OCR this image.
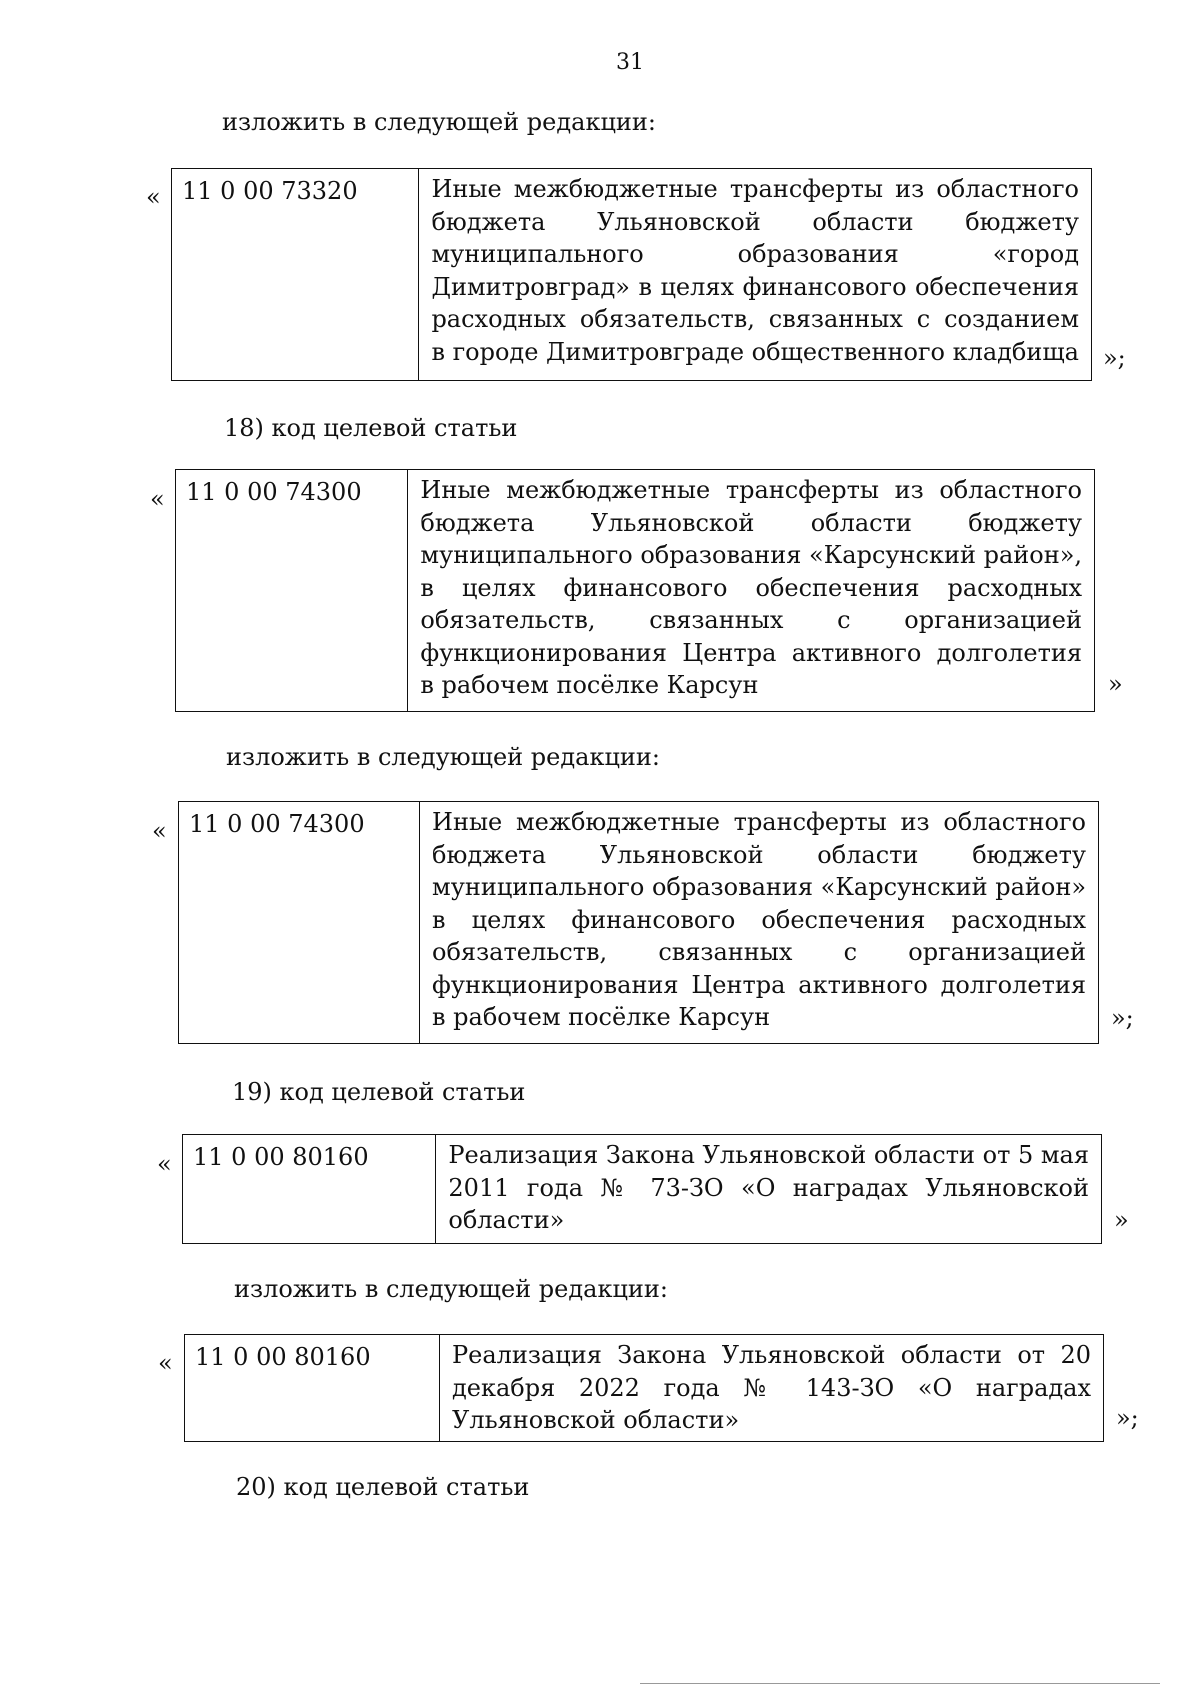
31
изложить в следующей редакции:
« 11 0 00 73320	Иные межбюджетные трансферты из областного
бюджета Ульяновской области бюджету
муниципального образования «город
Димитровград» в целях финансового обеспечения
расходных обязательств, связанных с созданием
в городе Димитровграде общественного кладбища »;
18) код целевой статьи
« 11 0 00 74300	Иные межбюджетные трансферты из областного
бюджета Ульяновской области бюджету
муниципального образования «Карсунский район»,
в целях финансового обеспечения расходных
обязательств, связанных с организацией
функционирования Центра активного долголетия
в рабочем посёлке Карсун	»
изложить в следующей редакции:
« 11 0 00 74300	Иные межбюджетные трансферты из областного
бюджета Ульяновской области бюджету
муниципального образования «Карсунский район»
в целях финансового обеспечения расходных
обязательств, связанных с организацией
функционирования Центра активного долголетия
в рабочем посёлке Карсун	»;
19) код целевой статьи
« 11 0 00 80160	Реализация Закона Ульяновской области от 5 мая
2011 года № 73-ЗО «О наградах Ульяновской
области»	»
изложить в следующей редакции:
« 11 0 00 80160	Реализация Закона Ульяновской области от 20
декабря 2022 года № 143-ЗО «О наградах
Ульяновской области»	»;
20) код целевой статьи
